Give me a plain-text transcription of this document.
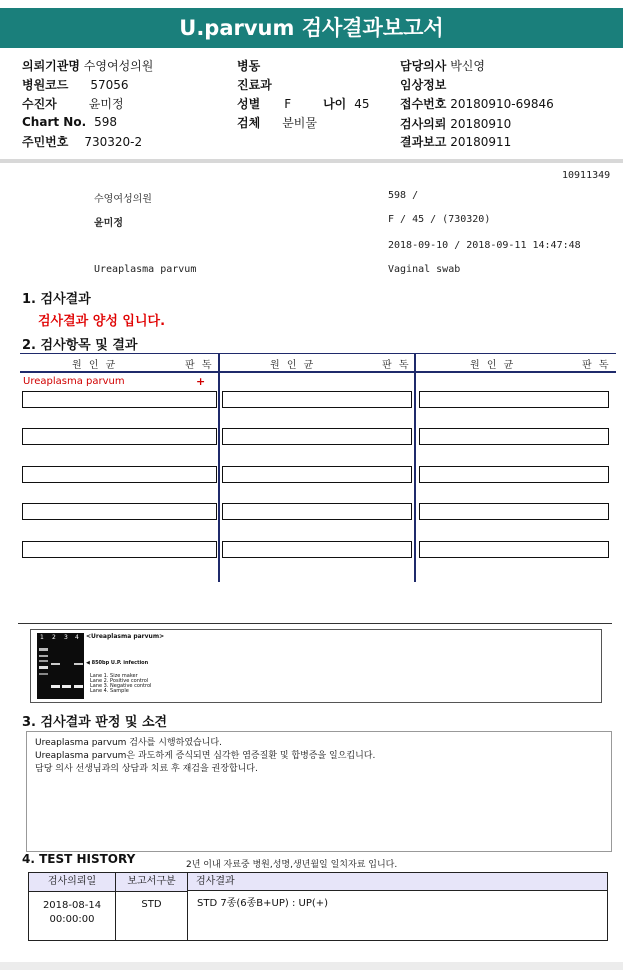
U.parvum 검사결과보고서
의뢰기관명 수영여성의원
병원코드 57056
수진자	윤미정
Chart No. 598
주민번호 730320-2
병동
진료과
성별 F	나이 45
검체 분비물
담당의사 박신영
임상정보
접수번호 20180910-69846
검사의뢰 20180910
결과보고 20180911
10911349
수영여성의원	598 /
윤미정	F / 45 / (730320)
2018-09-10 / 2018-09-11 14:47:48
Ureaplasma parvum	Vaginal swab
1. 검사결과
검사결과 양성 입니다.
2. 검사항목 및 결과
원 인 균	판 독	원 인 균	판 독	원 인 균	판 독
Ureaplasma parvum	+
1 2 3 4 <Ureaplasma parvum>
◀ 850bp U.P. infection
Lane 1. Size maker
Lane 2. Positive control
Lane 3. Negative control
Lane 4. Sample
3. 검사결과 판정 및 소견
Ureaplasma parvum 검사를 시행하였습니다.
Ureaplasma parvum은 과도하게 증식되면 심각한 염증질환 및 합병증을 일으킵니다.
담당 의사 선생님과의 상담과 치료 후 재검을 권장합니다.
4. TEST HISTORY	2년 이내 자료중 병원,성명,생년월일 일치자료 입니다.
검사의뢰일	보고서구분	검사결과
2018-08-14
00:00:00
STD	STD 7종(6종B+UP) : UP(+)
